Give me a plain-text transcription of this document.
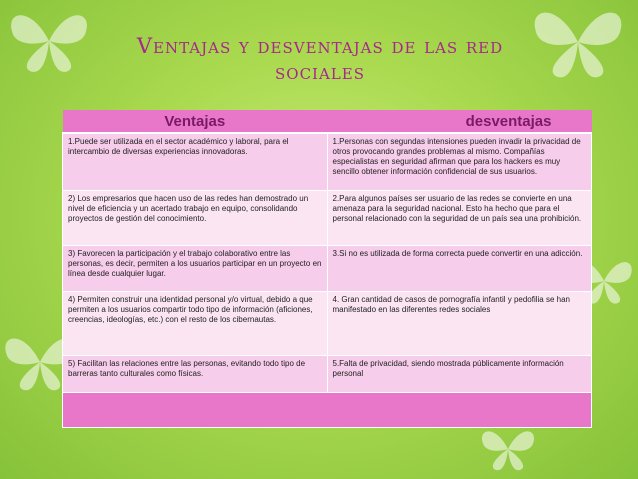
Ventajas y desventajas de las red
sociales
Ventajas	desventajas
1.Puede ser utilizada en el sector académico y laboral, para el intercambio de diversas experiencias innovadoras.	1.Personas con segundas intensiones pueden invadir la privacidad de otros provocando grandes problemas al mismo. Compañías especialistas en seguridad afirman que para los hackers es muy sencillo obtener información confidencial de sus usuarios.
2) Los empresarios que hacen uso de las redes han demostrado un nivel de eficiencia y un acertado trabajo en equipo, consolidando proyectos de gestión del conocimiento.	2.Para algunos países ser usuario de las redes se convierte en una amenaza para la seguridad nacional. Esto ha hecho que para el personal relacionado con la seguridad de un país sea una prohibición.
3) Favorecen la participación y el trabajo colaborativo entre las personas, es decir, permiten a los usuarios participar en un proyecto en línea desde cualquier lugar.	3.Si no es utilizada de forma correcta puede convertir en una adicción.
4) Permiten construir una identidad personal y/o virtual, debido a que permiten a los usuarios compartir todo tipo de información (aficiones, creencias, ideologías, etc.) con el resto de los cibernautas.	4. Gran cantidad de casos de pornografía infantil y pedofilia se han manifestado en las diferentes redes sociales
5) Facilitan las relaciones entre las personas, evitando todo tipo de barreras tanto culturales como físicas.	5.Falta de privacidad, siendo mostrada públicamente información personal
